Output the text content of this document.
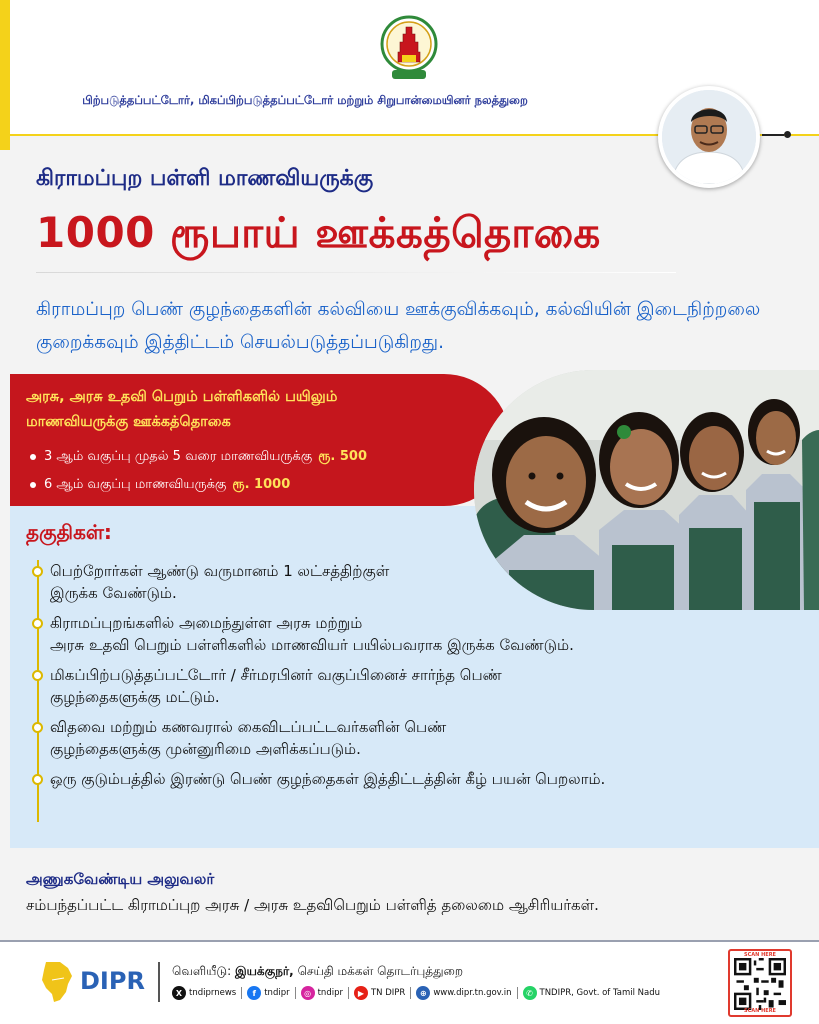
பிற்படுத்தப்பட்டோர், மிகப்பிற்படுத்தப்பட்டோர் மற்றும் சிறுபான்மையினர் நலத்துறை
கிராமப்புற பள்ளி மாணவியருக்கு
1000 ரூபாய் ஊக்கத்தொகை
கிராமப்புற பெண் குழந்தைகளின் கல்வியை ஊக்குவிக்கவும், கல்வியின் இடைநிற்றலை குறைக்கவும் இத்திட்டம் செயல்படுத்தப்படுகிறது.
அரசு, அரசு உதவி பெறும் பள்ளிகளில் பயிலும்
மாணவியருக்கு ஊக்கத்தொகை
3 ஆம் வகுப்பு முதல் 5 வரை மாணவியருக்கு ரூ. 500
6 ஆம் வகுப்பு மாணவியருக்கு ரூ. 1000
தகுதிகள்:
பெற்றோர்கள் ஆண்டு வருமானம் 1 லட்சத்திற்குள்
இருக்க வேண்டும்.
கிராமப்புறங்களில் அமைந்துள்ள அரசு மற்றும்
அரசு உதவி பெறும் பள்ளிகளில் மாணவியர் பயில்பவராக இருக்க வேண்டும்.
மிகப்பிற்படுத்தப்பட்டோர் / சீர்மரபினர் வகுப்பினைச் சார்ந்த பெண்
குழந்தைகளுக்கு மட்டும்.
விதவை மற்றும் கணவரால் கைவிடப்பட்டவர்களின் பெண்
குழந்தைகளுக்கு முன்னுரிமை அளிக்கப்படும்.
ஒரு குடும்பத்தில் இரண்டு பெண் குழந்தைகள் இத்திட்டத்தின் கீழ் பயன் பெறலாம்.
அணுகவேண்டிய அலுவலர்
சம்பந்தப்பட்ட கிராமப்புற அரசு / அரசு உதவிபெறும் பள்ளித் தலைமை ஆசிரியர்கள்.
DIPR வெளியீடு: இயக்குநர், செய்தி மக்கள் தொடர்புத்துறை
X tndiprnews	f tndipr	◎ tndipr	▶ TN DIPR	⊕ www.dipr.tn.gov.in	✆ TNDIPR, Govt. of Tamil Nadu
SCAN HERE
SCAN HERE
